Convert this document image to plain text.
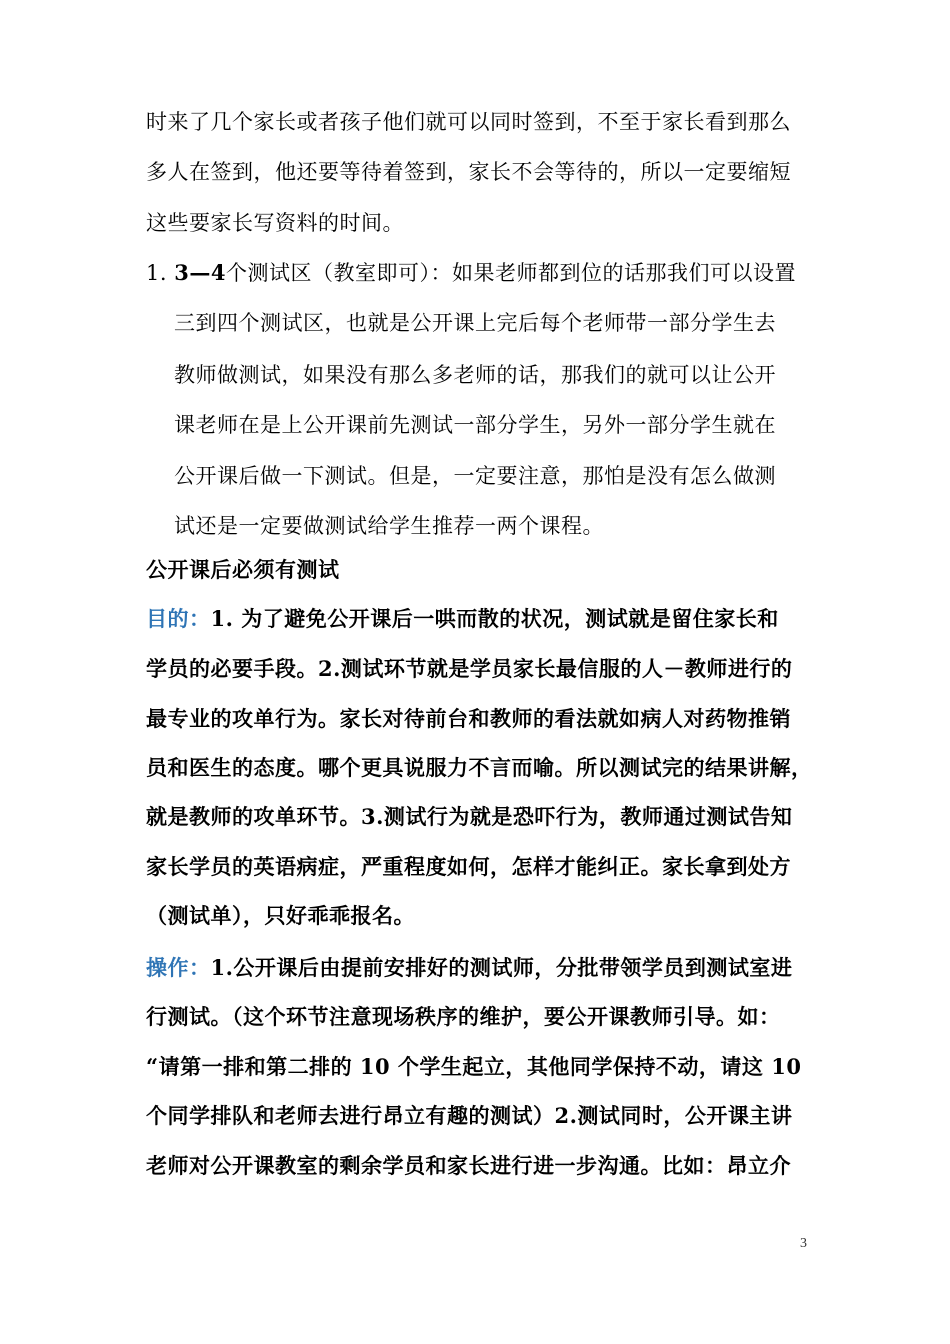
时来了几个家长或者孩子他们就可以同时签到，不至于家长看到那么
多人在签到，他还要等待着签到，家长不会等待的，所以一定要缩短
这些要家长写资料的时间。
1. 3—4个测试区（教室即可）：如果老师都到位的话那我们可以设置
三到四个测试区，也就是公开课上完后每个老师带一部分学生去
教师做测试，如果没有那么多老师的话，那我们的就可以让公开
课老师在是上公开课前先测试一部分学生，另外一部分学生就在
公开课后做一下测试。但是，一定要注意，那怕是没有怎么做测
试还是一定要做测试给学生推荐一两个课程。
公开课后必须有测试
目的：1. 为了避免公开课后一哄而散的状况，测试就是留住家长和
学员的必要手段。2.测试环节就是学员家长最信服的人－教师进行的
最专业的攻单行为。家长对待前台和教师的看法就如病人对药物推销
员和医生的态度。哪个更具说服力不言而喻。所以测试完的结果讲解，
就是教师的攻单环节。3.测试行为就是恐吓行为，教师通过测试告知
家长学员的英语病症，严重程度如何，怎样才能纠正。家长拿到处方
（测试单），只好乖乖报名。
操作：1.公开课后由提前安排好的测试师，分批带领学员到测试室进
行测试。（这个环节注意现场秩序的维护，要公开课教师引导。如：
“请第一排和第二排的 10 个学生起立，其他同学保持不动，请这 10
个同学排队和老师去进行昂立有趣的测试）2.测试同时，公开课主讲
老师对公开课教室的剩余学员和家长进行进一步沟通。比如：昂立介
3
